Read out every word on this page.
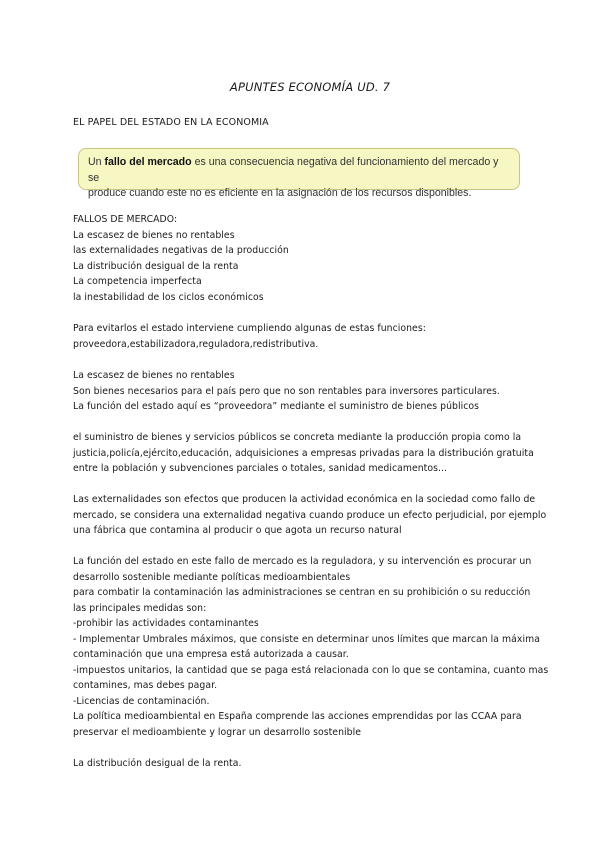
APUNTES ECONOMÍA UD. 7
EL PAPEL DEL ESTADO EN LA ECONOMIA
Un fallo del mercado es una consecuencia negativa del funcionamiento del mercado y se
produce cuando este no es eficiente en la asignación de los recursos disponibles.
FALLOS DE MERCADO:
La escasez de bienes no rentables
las externalidades negativas de la producción
La distribución desigual de la renta
La competencia imperfecta
la inestabilidad de los ciclos económicos
Para evitarlos el estado interviene cumpliendo algunas de estas funciones:
proveedora,estabilizadora,reguladora,redistributiva.
La escasez de bienes no rentables
Son bienes necesarios para el país pero que no son rentables para inversores particulares.
La función del estado aquí es “proveedora” mediante el suministro de bienes públicos
el suministro de bienes y servicios públicos se concreta mediante la producción propia como la
justicia,policía,ejército,educación, adquisiciones a empresas privadas para la distribución gratuita
entre la población y subvenciones parciales o totales, sanidad medicamentos...
Las externalidades son efectos que producen la actividad económica en la sociedad como fallo de
mercado, se considera una externalidad negativa cuando produce un efecto perjudicial, por ejemplo
una fábrica que contamina al producir o que agota un recurso natural
La función del estado en este fallo de mercado es la reguladora, y su intervención es procurar un
desarrollo sostenible mediante políticas medioambientales
para combatir la contaminación las administraciones se centran en su prohibición o su reducción
las principales medidas son:
-prohibir las actividades contaminantes
- Implementar Umbrales máximos, que consiste en determinar unos límites que marcan la máxima
contaminación que una empresa está autorizada a causar.
-impuestos unitarios, la cantidad que se paga está relacionada con lo que se contamina, cuanto mas
contamines, mas debes pagar.
-Licencias de contaminación.
La política medioambiental en España comprende las acciones emprendidas por las CCAA para
preservar el medioambiente y lograr un desarrollo sostenible
La distribución desigual de la renta.
